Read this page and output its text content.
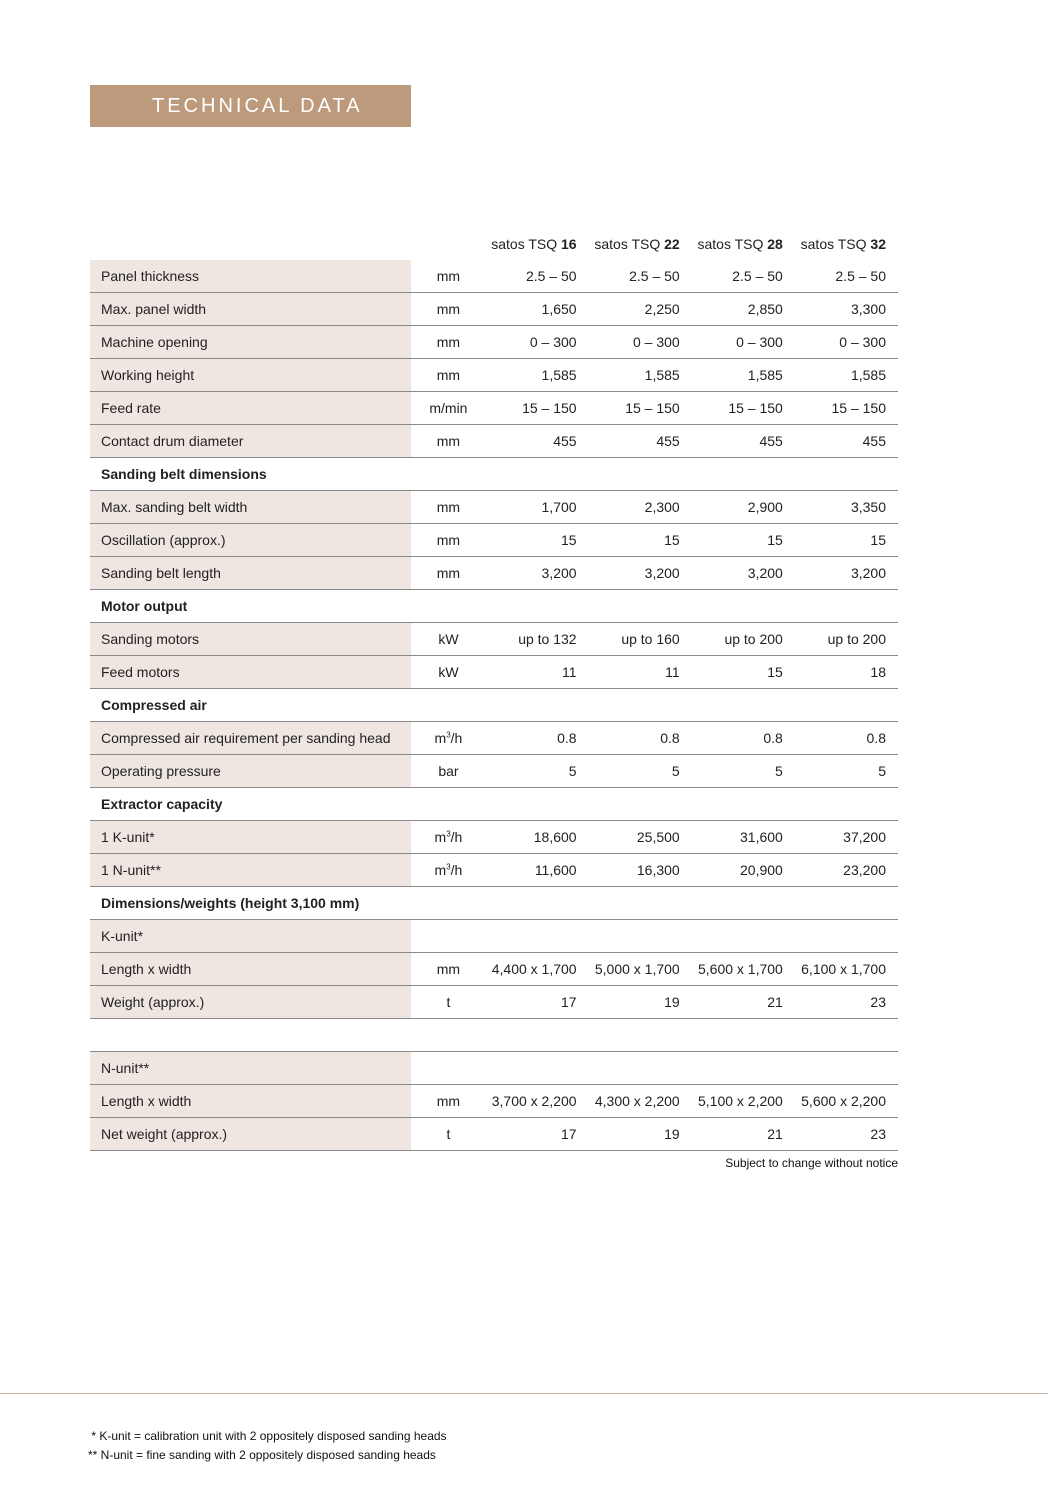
TECHNICAL DATA
		satos TSQ 16	satos TSQ 22	satos TSQ 28	satos TSQ 32
Panel thickness	mm	2.5 – 50	2.5 – 50	2.5 – 50	2.5 – 50
Max. panel width	mm	1,650	2,250	2,850	3,300
Machine opening	mm	0 – 300	0 – 300	0 – 300	0 – 300
Working height	mm	1,585	1,585	1,585	1,585
Feed rate	m/min	15 – 150	15 – 150	15 – 150	15 – 150
Contact drum diameter	mm	455	455	455	455
Sanding belt dimensions					
Max. sanding belt width	mm	1,700	2,300	2,900	3,350
Oscillation (approx.)	mm	15	15	15	15
Sanding belt length	mm	3,200	3,200	3,200	3,200
Motor output					
Sanding motors	kW	up to 132	up to 160	up to 200	up to 200
Feed motors	kW	11	11	15	18
Compressed air					
Compressed air requirement per sanding head	$m^3/h$	0.8	0.8	0.8	0.8
Operating pressure	bar	5	5	5	5
Extractor capacity					
1 K-unit*	$m^3/h$	18,600	25,500	31,600	37,200
1 N-unit**	$m^3/h$	11,600	16,300	20,900	23,200
Dimensions/weights (height 3,100 mm)					
K-unit*					
Length x width	mm	4,400 x 1,700	5,000 x 1,700	5,600 x 1,700	6,100 x 1,700
Weight (approx.)	t	17	19	21	23

N-unit**					
Length x width	mm	3,700 x 2,200	4,300 x 2,200	5,100 x 2,200	5,600 x 2,200
Net weight (approx.)	t	17	19	21	23
Subject to change without notice
* K-unit = calibration unit with 2 oppositely disposed sanding heads
** N-unit = fine sanding with 2 oppositely disposed sanding heads
